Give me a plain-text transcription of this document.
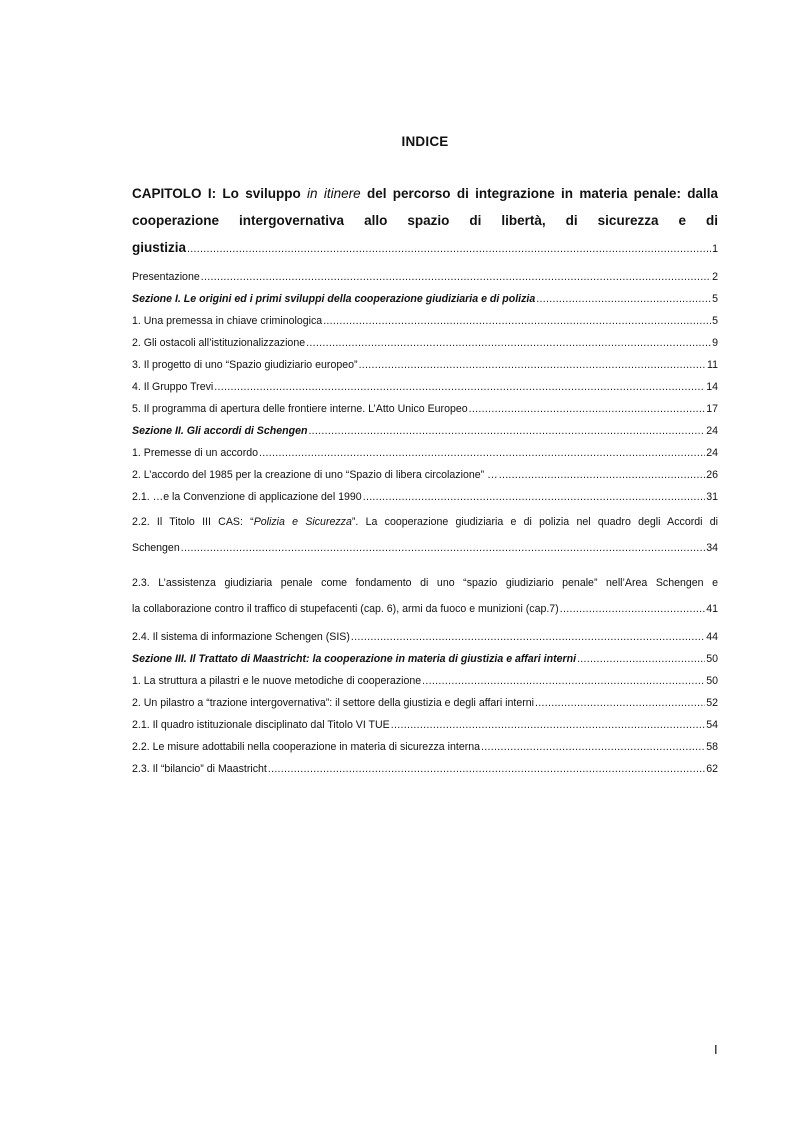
INDICE
CAPITOLO I: Lo sviluppo in itinere del percorso di integrazione in materia penale: dalla
cooperazione intergovernativa allo spazio di libertà, di sicurezza e di
giustizia .....	1
Presentazione .....	2
Sezione I. Le origini ed i primi sviluppi della cooperazione giudiziaria e di polizia .....	5
1. Una premessa in chiave criminologica .....	5
2. Gli ostacoli all’istituzionalizzazione .....	9
3. Il progetto di uno “Spazio giudiziario europeo” .....	11
4. Il Gruppo Trevi .....	14
5. Il programma di apertura delle frontiere interne. L’Atto Unico Europeo .....	17
Sezione II. Gli accordi di Schengen .....	24
1. Premesse di un accordo .....	24
2. L’accordo del 1985 per la creazione di uno “Spazio di libera circolazione” … .....	26
2.1. …e la Convenzione di applicazione del 1990 .....	31
2.2. Il Titolo III CAS: “Polizia e Sicurezza”. La cooperazione giudiziaria e di polizia nel quadro degli Accordi di
Schengen .....	34
2.3. L’assistenza giudiziaria penale come fondamento di uno “spazio giudiziario penale” nell’Area Schengen e
la collaborazione contro il traffico di stupefacenti (cap. 6), armi da fuoco e munizioni (cap.7) .....	41
2.4. Il sistema di informazione Schengen (SIS) .....	44
Sezione III. Il Trattato di Maastricht: la cooperazione in materia di giustizia e affari interni .....	50
1. La struttura a pilastri e le nuove metodiche di cooperazione .....	50
2. Un pilastro a “trazione intergovernativa”: il settore della giustizia e degli affari interni .....	52
2.1. Il quadro istituzionale disciplinato dal Titolo VI TUE .....	54
2.2. Le misure adottabili nella cooperazione in materia di sicurezza interna .....	58
2.3. Il “bilancio” di Maastricht .....	62
I
